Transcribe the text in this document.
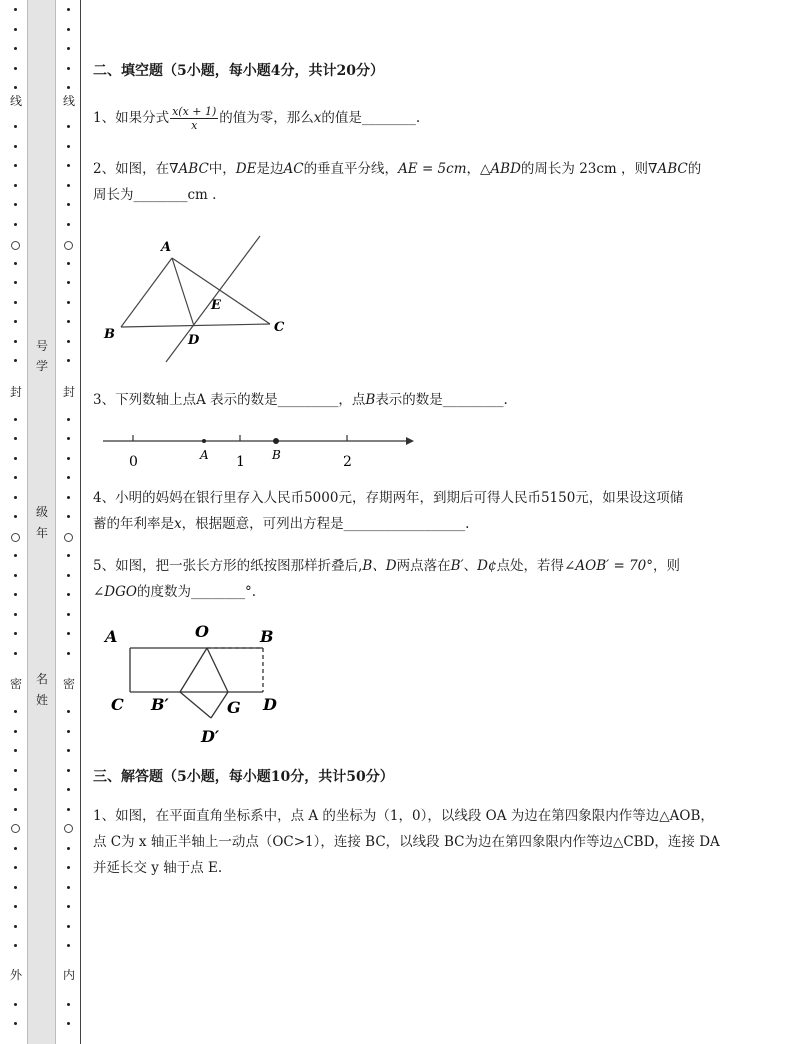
线
封
密
外
线
封
密
内
号
学
级
年
名
姓
二、填空题（5小题，每小题4分，共计20分）
1、如果分式 $\frac{x(x + 1)}{x}$ 的值为零，那么x的值是________.
2、如图，在∇ABC中，DE是边AC的垂直平分线，AE = 5cm，△ABD的周长为 23cm ，则∇ABC的
周长为________cm .
A
B	C
D
E
3、下列数轴上点A 表示的数是_________，点B表示的数是_________.
0	A 1 B	2
4、小明的妈妈在银行里存入人民币5000元，存期两年，到期后可得人民币5150元，如果设这项储
蓄的年利率是x，根据题意，可列出方程是__________________.
5、如图，把一张长方形的纸按图那样折叠后,B、D两点落在B′、D¢点处，若得∠AOB′ = 70°，则
∠DGO的度数为________°.
A	O	B
C B′	G D
D′
三、解答题（5小题，每小题10分，共计50分）
1、如图，在平面直角坐标系中，点 A 的坐标为（1，0），以线段 OA 为边在第四象限内作等边△AOB，
点 C为 x 轴正半轴上一动点（OC>1），连接 BC，以线段 BC为边在第四象限内作等边△CBD，连接 DA
并延长交 y 轴于点 E.
